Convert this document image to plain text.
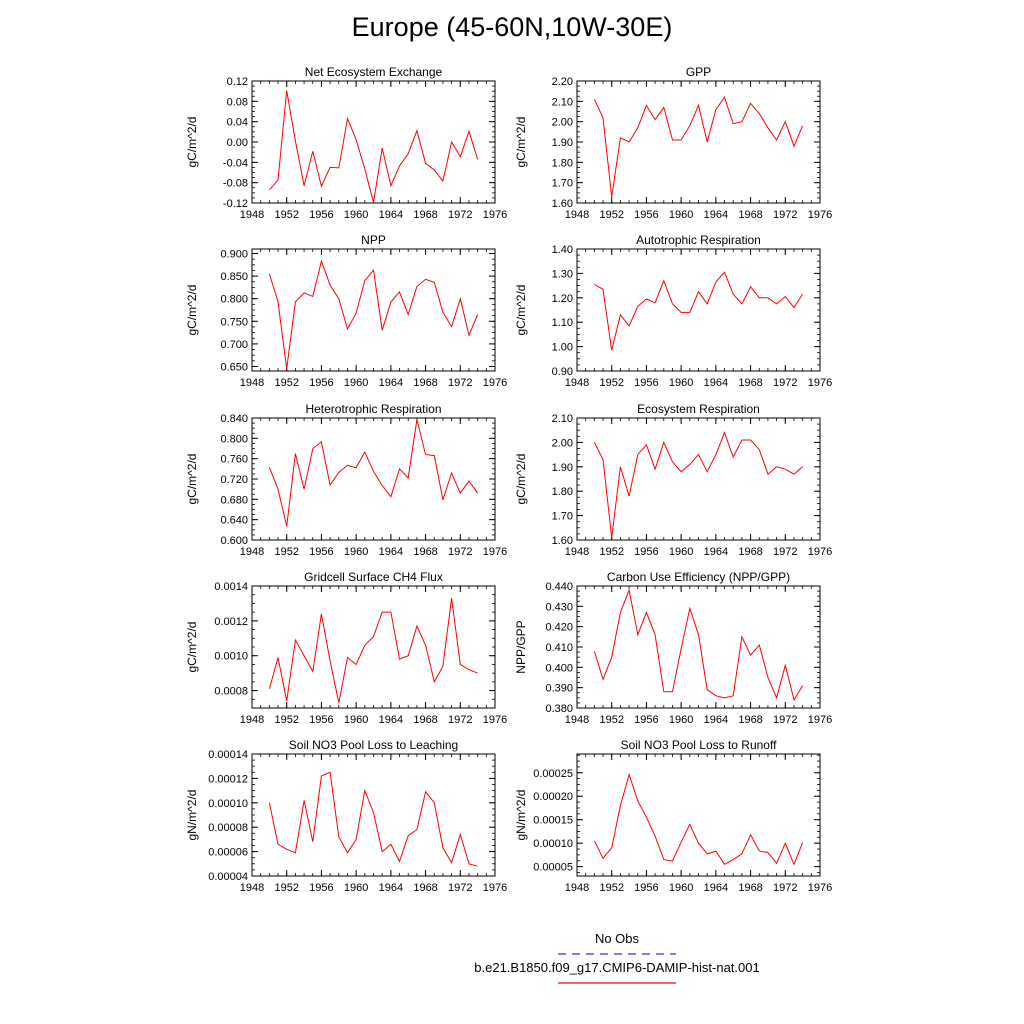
Europe (45-60N,10W-30E)
Net Ecosystem Exchange
1948 1952 1956 1960 1964 1968 1972 1976
-0.12
-0.08
-0.04
0.00
0.04
0.08
0.12
gC/m^2/d
GPP
1948 1952 1956 1960 1964 1968 1972 1976
1.60
1.70
1.80
1.90
2.00
2.10
2.20
gC/m^2/d
NPP
1948 1952 1956 1960 1964 1968 1972 1976
0.650
0.700
0.750
0.800
0.850
0.900
gC/m^2/d
Autotrophic Respiration
1948 1952 1956 1960 1964 1968 1972 1976
0.90
1.00
1.10
1.20
1.30
1.40
gC/m^2/d
Heterotrophic Respiration
1948 1952 1956 1960 1964 1968 1972 1976
0.600
0.640
0.680
0.720
0.760
0.800
0.840
gC/m^2/d
Ecosystem Respiration
1948 1952 1956 1960 1964 1968 1972 1976
1.60
1.70
1.80
1.90
2.00
2.10
gC/m^2/d
Gridcell Surface CH4 Flux
1948 1952 1956 1960 1964 1968 1972 1976
0.0008
0.0010
0.0012
0.0014
gC/m^2/d
Carbon Use Efficiency (NPP/GPP)
1948 1952 1956 1960 1964 1968 1972 1976
0.380
0.390
0.400
0.410
0.420
0.430
0.440
NPP/GPP
Soil NO3 Pool Loss to Leaching
1948 1952 1956 1960 1964 1968 1972 1976
0.00004
0.00006
0.00008
0.00010
0.00012
0.00014
gN/m^2/d
Soil NO3 Pool Loss to Runoff
1948 1952 1956 1960 1964 1968 1972 1976
0.00005
0.00010
0.00015
0.00020
0.00025
gN/m^2/d
No Obs
b.e21.B1850.f09_g17.CMIP6-DAMIP-hist-nat.001
